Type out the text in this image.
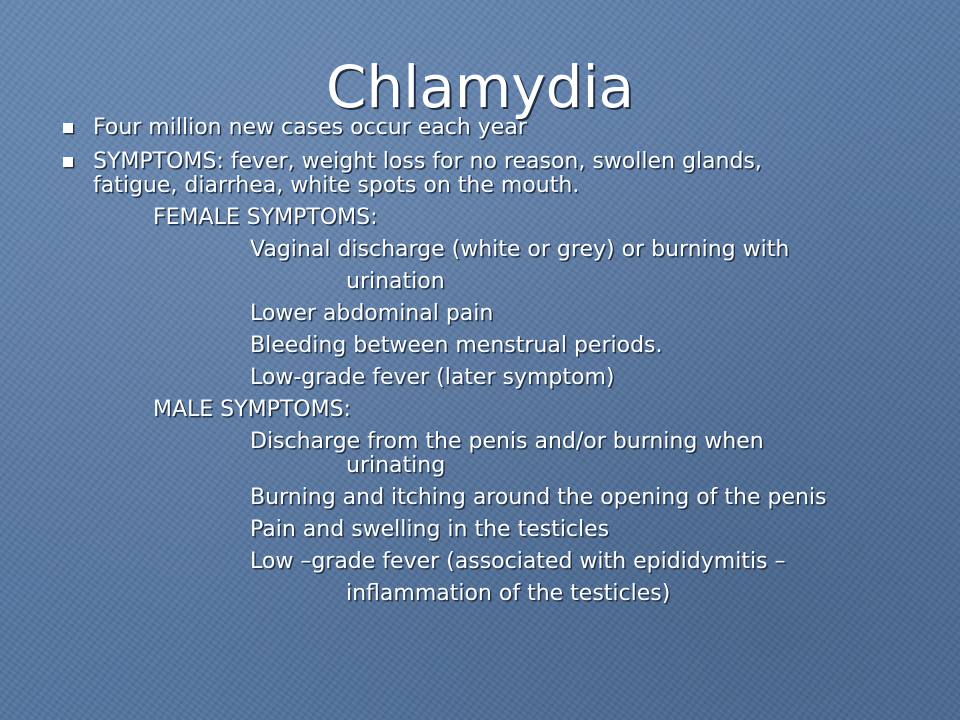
Chlamydia

Four million new cases occur each year

SYMPTOMS: fever, weight loss for no reason, swollen glands,

fatigue, diarrhea, white spots on the mouth.

FEMALE SYMPTOMS:

Vaginal discharge (white or grey) or burning with

urination

Lower abdominal pain

Bleeding between menstrual periods.

Low-grade fever (later symptom)

MALE SYMPTOMS:

Discharge from the penis and/or burning when

urinating

Burning and itching around the opening of the penis

Pain and swelling in the testicles

Low –grade fever (associated with epididymitis –

inflammation of the testicles)
